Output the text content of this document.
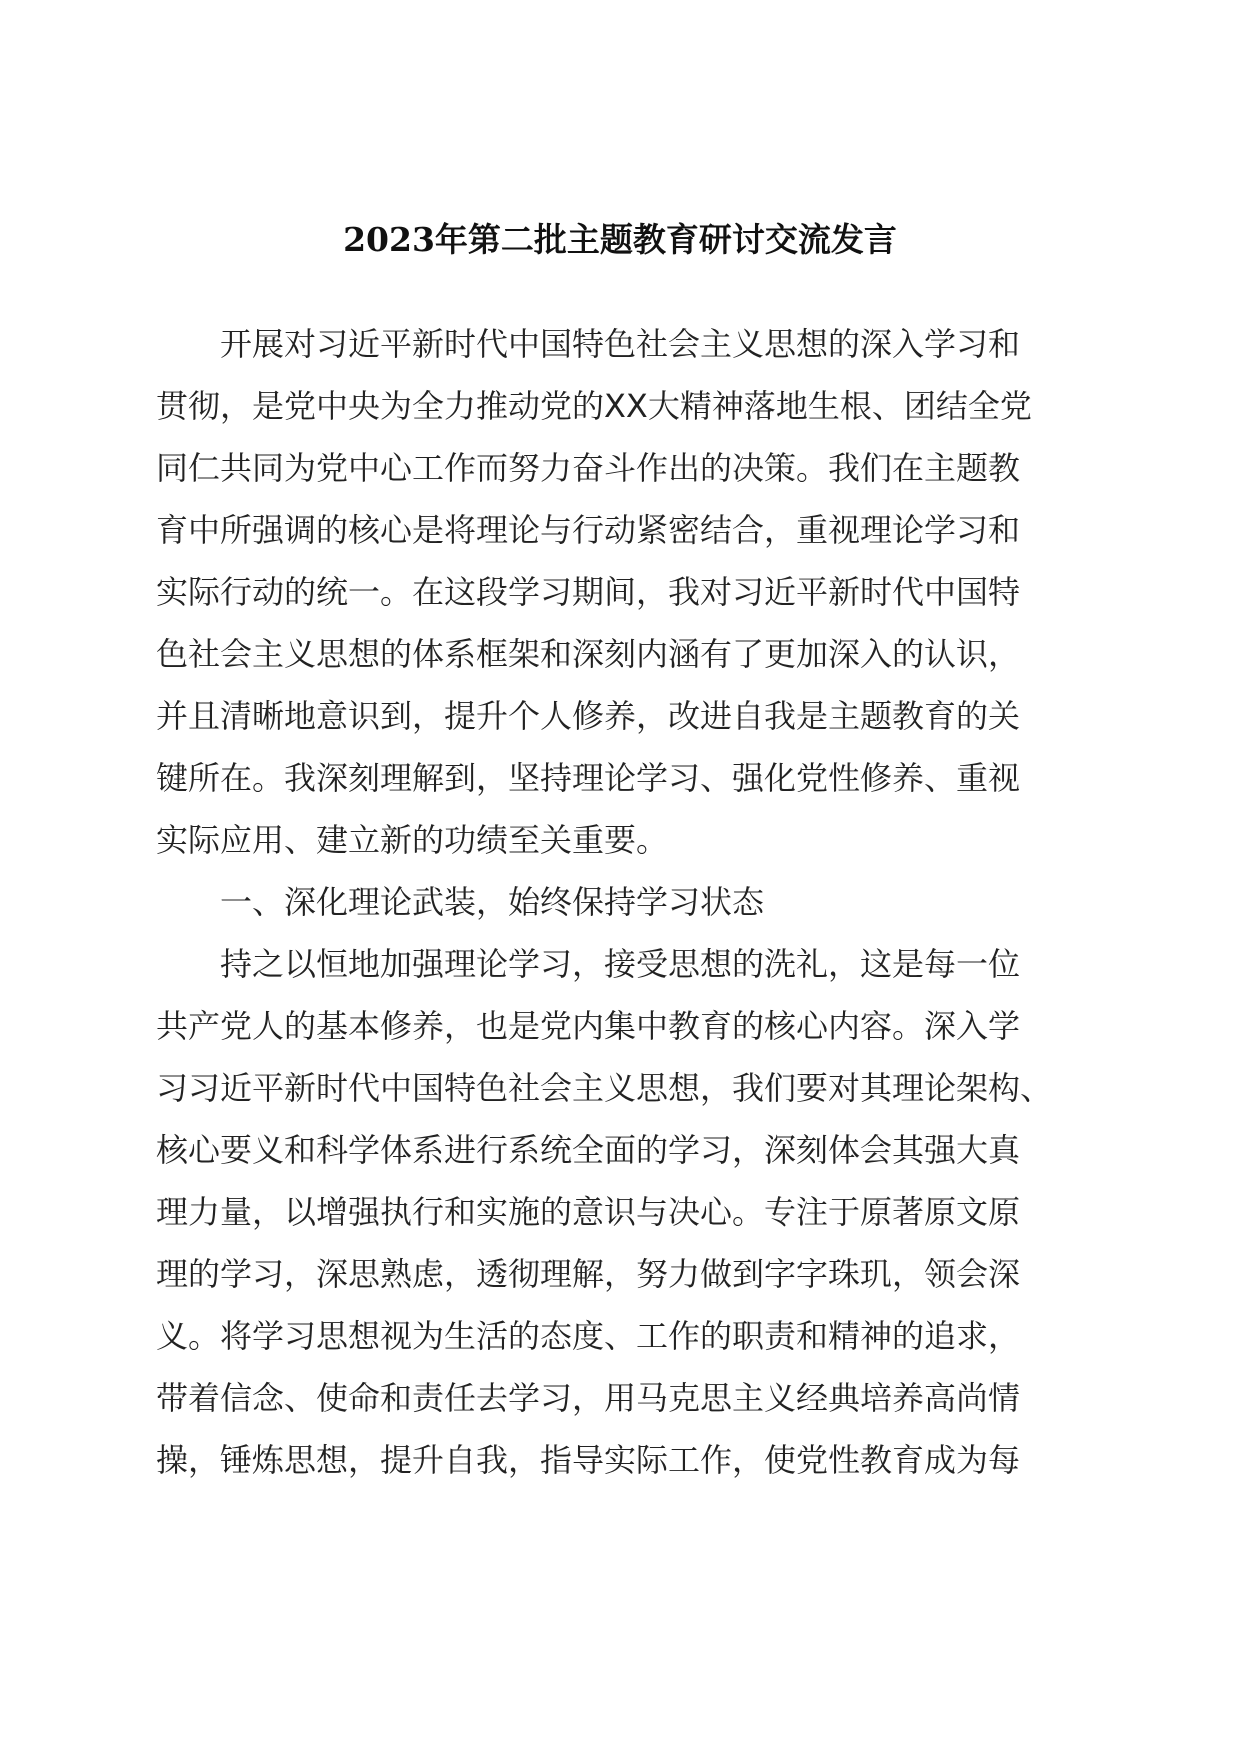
2023年第二批主题教育研讨交流发言

开展对习近平新时代中国特色社会主义思想的深入学习和
贯彻，是党中央为全力推动党的XX大精神落地生根、团结全党
同仁共同为党中心工作而努力奋斗作出的决策。我们在主题教
育中所强调的核心是将理论与行动紧密结合，重视理论学习和
实际行动的统一。在这段学习期间，我对习近平新时代中国特
色社会主义思想的体系框架和深刻内涵有了更加深入的认识，
并且清晰地意识到，提升个人修养，改进自我是主题教育的关
键所在。我深刻理解到，坚持理论学习、强化党性修养、重视
实际应用、建立新的功绩至关重要。

一、深化理论武装，始终保持学习状态

持之以恒地加强理论学习，接受思想的洗礼，这是每一位
共产党人的基本修养，也是党内集中教育的核心内容。深入学
习习近平新时代中国特色社会主义思想，我们要对其理论架构、
核心要义和科学体系进行系统全面的学习，深刻体会其强大真
理力量，以增强执行和实施的意识与决心。专注于原著原文原
理的学习，深思熟虑，透彻理解，努力做到字字珠玑，领会深
义。将学习思想视为生活的态度、工作的职责和精神的追求，
带着信念、使命和责任去学习，用马克思主义经典培养高尚情
操，锤炼思想，提升自我，指导实际工作，使党性教育成为每
